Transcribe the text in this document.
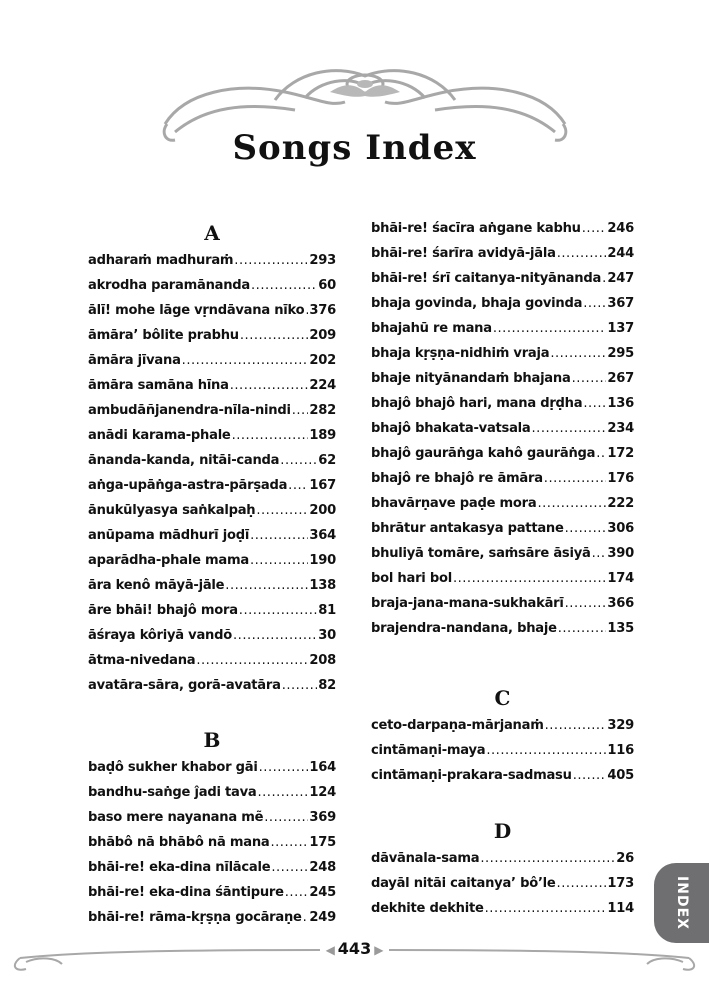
Songs Index
A
adharaṁ madhuraṁ .....	293
akrodha paramānanda .....	60
ālī! mohe lāge vṛndāvana nīko ..... 376
āmāra’ bôlite prabhu .....	209
āmāra jīvana .....	202
āmāra samāna hīna .....	224
ambudāñjanendra-nīla-nindi ..... 282
anādi karama-phale .....	189
ānanda-kanda, nitāi-canda .....	62
aṅga-upāṅga-astra-pārṣada ..... 167
ānukūlyasya saṅkalpaḥ .....	200
anūpama mādhurī joḍī .....	364
aparādha-phale mama .....	190
āra kenô māyā-jāle .....	138
āre bhāi! bhajô mora .....	81
āśraya kôriyā vandõ .....	30
ātma-nivedana .....	208
avatāra-sāra, gorā-avatāra .....	82
B
baḍô sukher khabor gāi .....	164
bandhu-saṅge ĵadi tava .....	124
baso mere nayanana mẽ .....	369
bhābô nā bhābô nā mana .....	175
bhāi-re! eka-dina nīlācale .....	248
bhāi-re! eka-dina śāntipure ..... 245
bhāi-re! rāma-kṛṣṇa gocāraṇe ..... 249
bhāi-re! śacīra aṅgane kabhu ..... 246
bhāi-re! śarīra avidyā-jāla .....	244
bhāi-re! śrī caitanya-nityānanda ..... 247
bhaja govinda, bhaja govinda ..... 367
bhajahū re mana .....	137
bhaja kṛṣṇa-nidhiṁ vraja .....	295
bhaje nityānandaṁ bhajana .....	267
bhajô bhajô hari, mana dṛḍha ..... 136
bhajô bhakata-vatsala .....	234
bhajô gaurāṅga kahô gaurāṅga ..... 172
bhajô re bhajô re āmāra .....	176
bhavārṇave paḍe mora .....	222
bhrātur antakasya pattane .....	306
bhuliyā tomāre, saṁsāre āsiyā ..... 390
bol hari bol .....	174
braja-jana-mana-sukhakārī .....	366
brajendra-nandana, bhaje .....	135
C
ceto-darpaṇa-mārjanaṁ .....	329
cintāmaṇi-maya .....	116
cintāmaṇi-prakara-sadmasu .....	405
D
dāvānala-sama .....	26
dayāl nitāi caitanya’ bô’le .....	173
dekhite dekhite .....	114	INDEX
◀ 443 ▶
